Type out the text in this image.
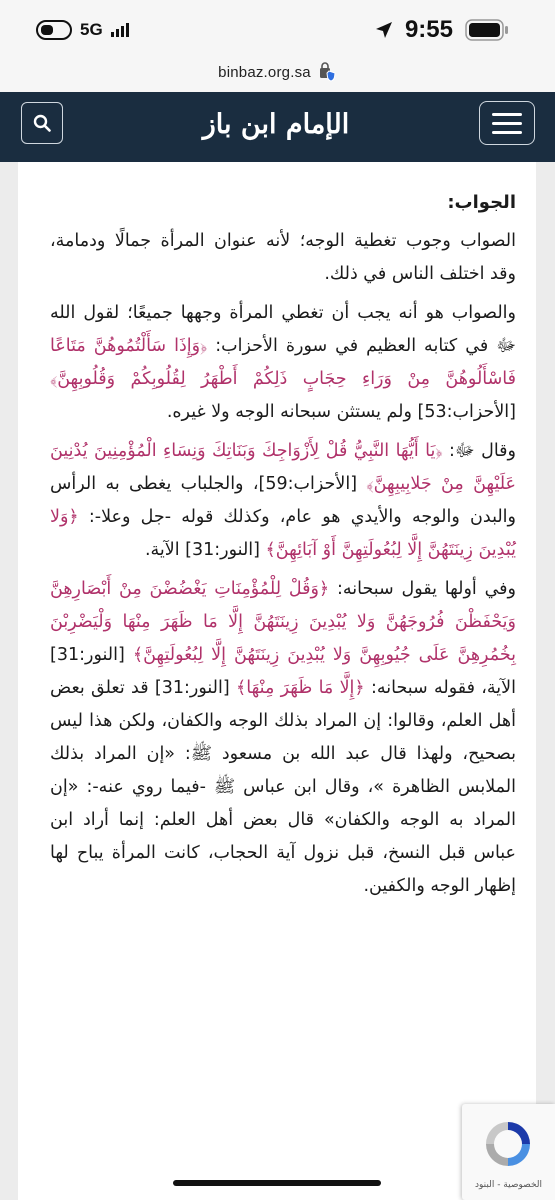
5G	9:55
binbaz.org.sa
الإمام ابن باز
الجواب:

الصواب وجوب تغطية الوجه؛ لأنه عنوان المرأة جمالًا ودمامة، وقد اختلف الناس في ذلك.

والصواب هو أنه يجب أن تغطي المرأة وجهها جميعًا؛ لقول الله ﷻ في كتابه العظيم في سورة الأحزاب: ﴿وَإِذَا سَأَلْتُمُوهُنَّ مَتَاعًا فَاسْأَلُوهُنَّ مِنْ وَرَاءِ حِجَابٍ ذَلِكُمْ أَطْهَرُ لِقُلُوبِكُمْ وَقُلُوبِهِنَّ﴾ [الأحزاب:53] ولم يستثن سبحانه الوجه ولا غيره.

وقال ﷻ: ﴿يَا أَيُّهَا النَّبِيُّ قُلْ لِأَزْوَاجِكَ وَبَنَاتِكَ وَنِسَاءِ الْمُؤْمِنِينَ يُدْنِينَ عَلَيْهِنَّ مِنْ جَلابِيبِهِنَّ﴾ [الأحزاب:59]، والجلباب يغطى به الرأس والبدن والوجه والأيدي هو عام، وكذلك قوله -جل وعلا-: ﴿وَلا يُبْدِينَ زِينَتَهُنَّ إِلَّا لِبُعُولَتِهِنَّ أَوْ آبَائِهِنَّ﴾ [النور:31] الآية.

وفي أولها يقول سبحانه: ﴿وَقُلْ لِلْمُؤْمِنَاتِ يَغْضُضْنَ مِنْ أَبْصَارِهِنَّ وَيَحْفَظْنَ فُرُوجَهُنَّ وَلا يُبْدِينَ زِينَتَهُنَّ إِلَّا مَا ظَهَرَ مِنْهَا وَلْيَضْرِبْنَ بِخُمُرِهِنَّ عَلَى جُيُوبِهِنَّ وَلا يُبْدِينَ زِينَتَهُنَّ إِلَّا لِبُعُولَتِهِنَّ﴾ [النور:31] الآية، فقوله سبحانه: ﴿إِلَّا مَا ظَهَرَ مِنْهَا﴾ [النور:31] قد تعلق بعض أهل العلم، وقالوا: إن المراد بذلك الوجه والكفان، ولكن هذا ليس بصحيح، ولهذا قال عبد الله بن مسعود ﷺ: «إن المراد بذلك الملابس الظاهرة »، وقال ابن عباس ﷺ -فيما روي عنه-: «إن المراد به الوجه والكفان» قال بعض أهل العلم: إنما أراد ابن عباس قبل النسخ، قبل نزول آية الحجاب، كانت المرأة يباح لها إظهار الوجه والكفين.

الخصوصية - البنود
